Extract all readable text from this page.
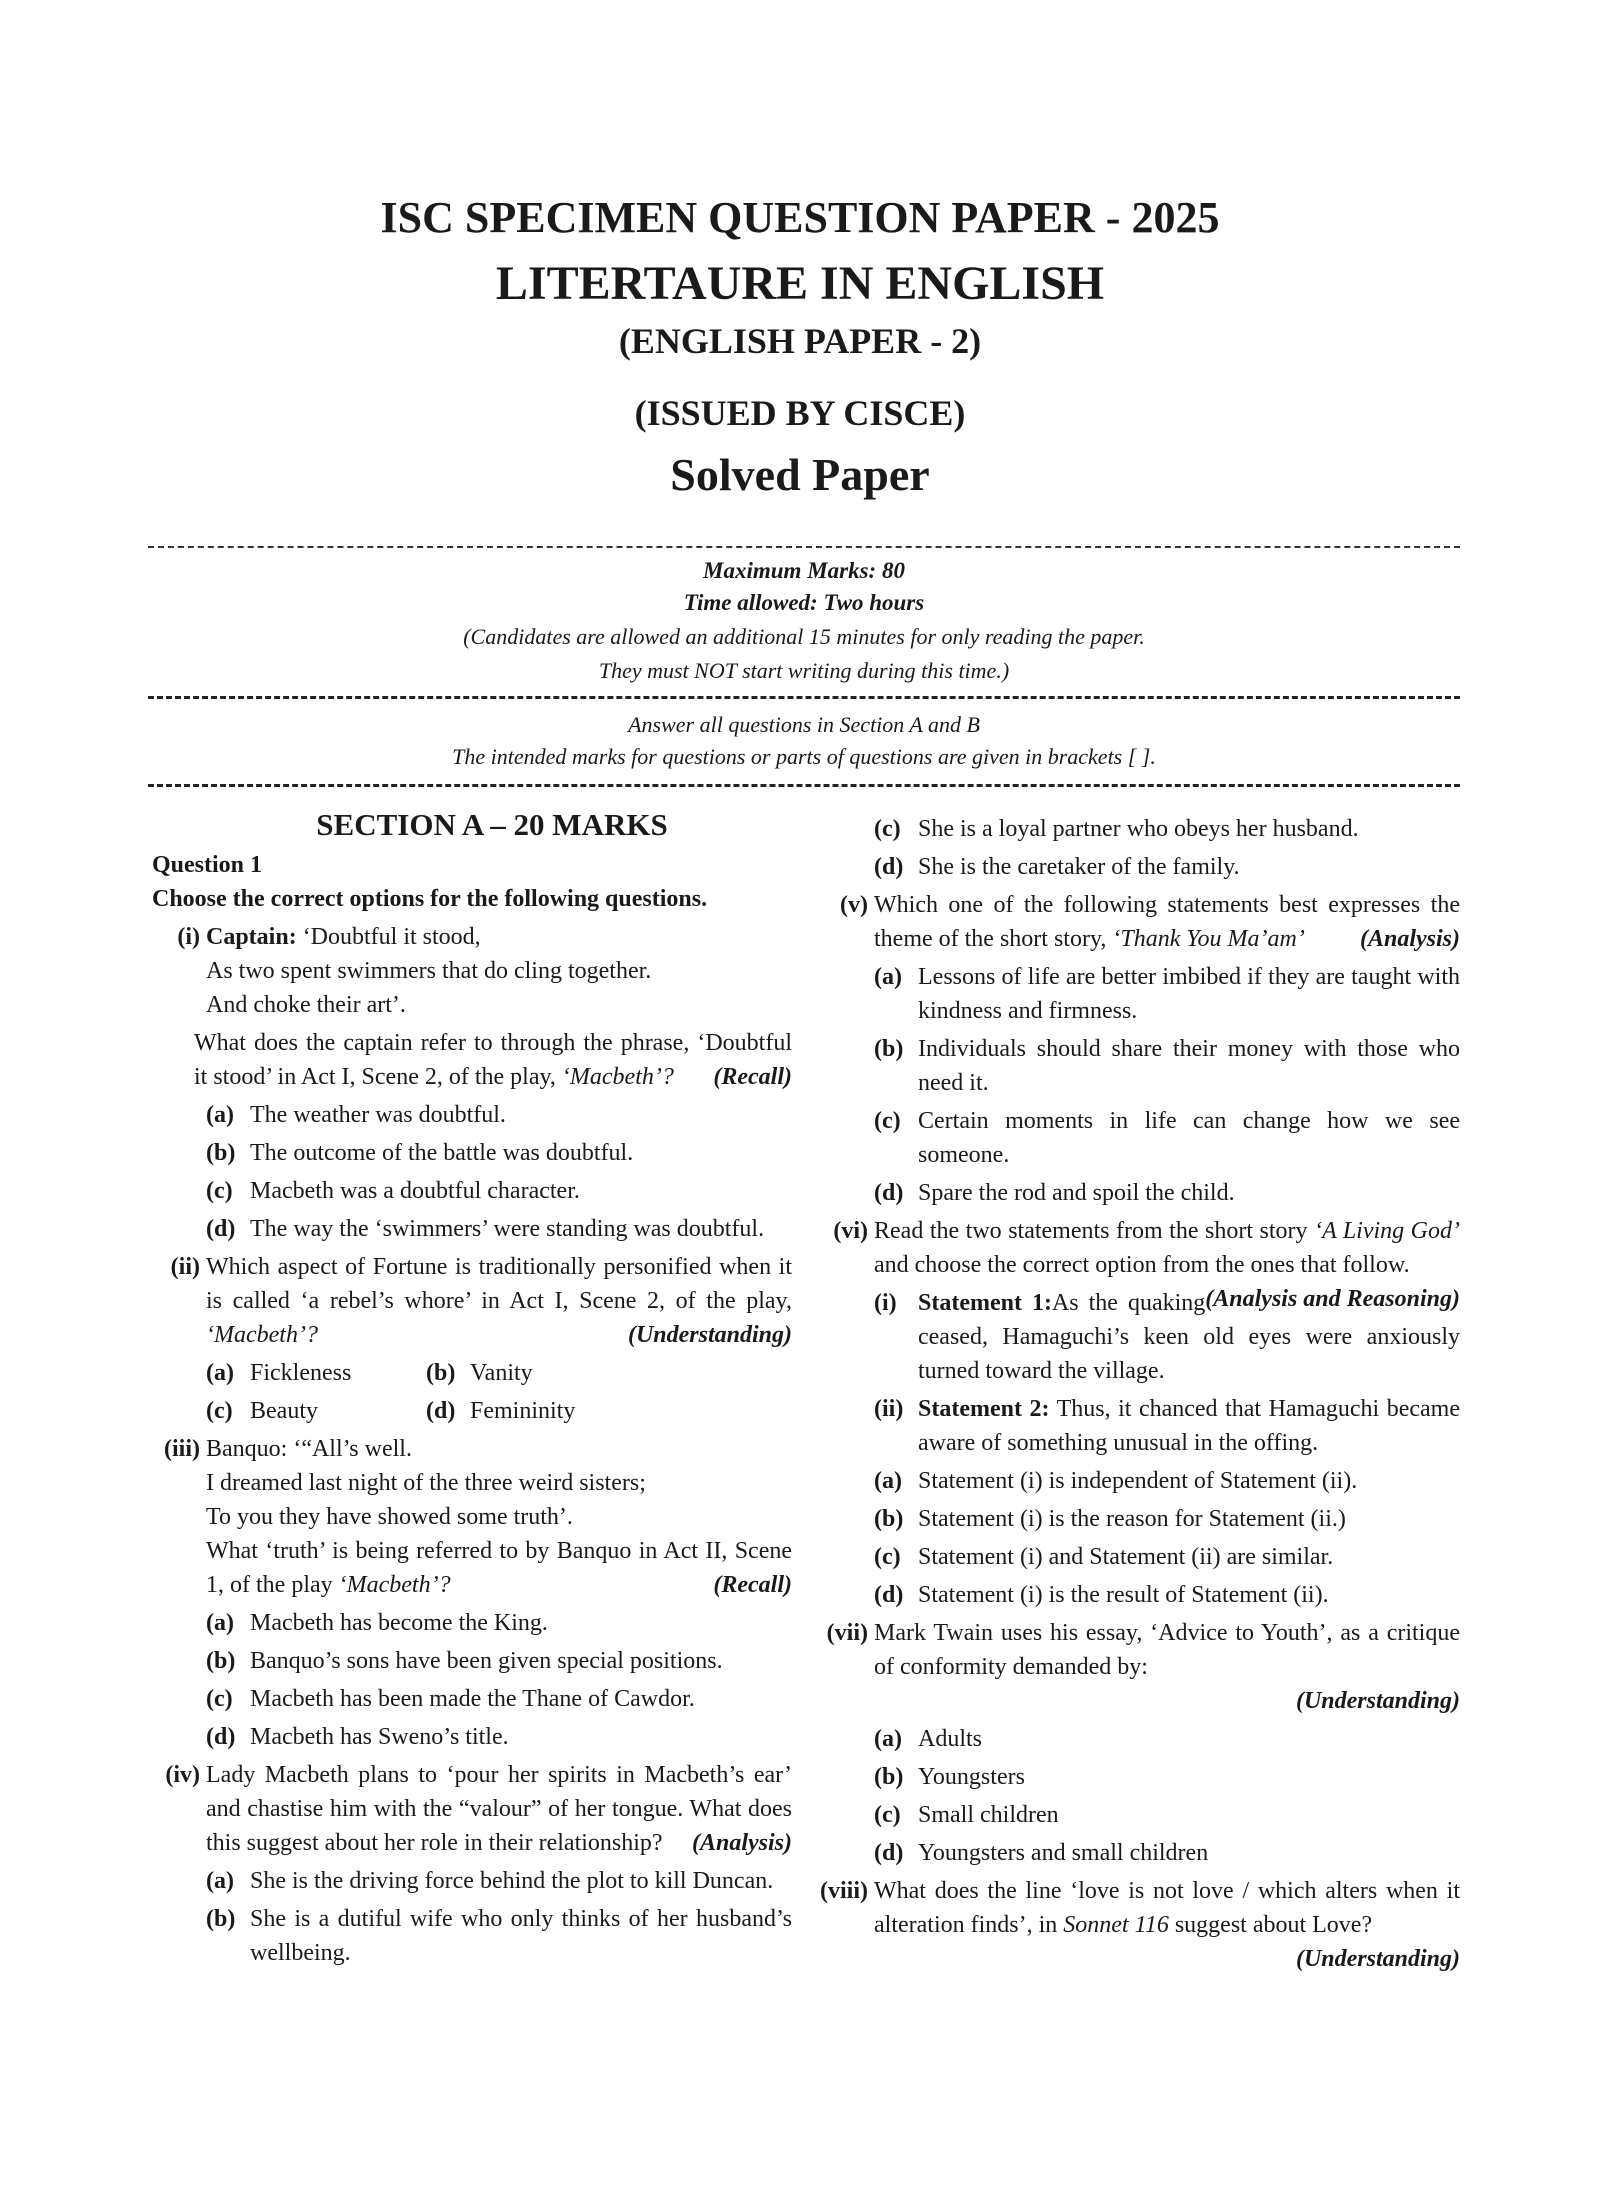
ISC SPECIMEN QUESTION PAPER - 2025
LITERTAURE IN ENGLISH
(ENGLISH PAPER - 2)
(ISSUED BY CISCE)
Solved Paper
Maximum Marks: 80
Time allowed: Two hours
(Candidates are allowed an additional 15 minutes for only reading the paper.
They must NOT start writing during this time.)
Answer all questions in Section A and B
The intended marks for questions or parts of questions are given in brackets [ ].
SECTION A – 20 MARKS

Question 1

Choose the correct options for the following questions.

(i) Captain: ‘Doubtful it stood,
As two spent swimmers that do cling together.
And choke their art’.
What does the captain refer to through the phrase, ‘Doubtful it stood’ in Act I, Scene 2, of the play, ‘Macbeth’? (Recall)
(a) The weather was doubtful.
(b) The outcome of the battle was doubtful.
(c) Macbeth was a doubtful character.
(d) The way the ‘swimmers’ were standing was doubtful.
(ii) Which aspect of Fortune is traditionally personified when it is called ‘a rebel’s whore’ in Act I, Scene 2, of the play, ‘Macbeth’?	(Understanding)
(a) Fickleness	(b) Vanity
(c) Beauty	(d) Femininity
(iii) Banquo: ‘“All’s well.
I dreamed last night of the three weird sisters;
To you they have showed some truth’.
What ‘truth’ is being referred to by Banquo in Act II, Scene 1, of the play ‘Macbeth’?	(Recall)
(a) Macbeth has become the King.
(b) Banquo’s sons have been given special positions.
(c) Macbeth has been made the Thane of Cawdor.
(d) Macbeth has Sweno’s title.
(iv) Lady Macbeth plans to ‘pour her spirits in Macbeth’s ear’ and chastise him with the “valour” of her tongue. What does this suggest about her role in their relationship? (Analysis)
(a) She is the driving force behind the plot to kill Duncan.
(b) She is a dutiful wife who only thinks of her husband’s wellbeing.
(c) She is a loyal partner who obeys her husband.
(d) She is the caretaker of the family.
(v) Which one of the following statements best expresses the theme of the short story, ‘Thank You Ma’am’ (Analysis)
(a) Lessons of life are better imbibed if they are taught with kindness and firmness.
(b) Individuals should share their money with those who need it.
(c) Certain moments in life can change how we see someone.
(d) Spare the rod and spoil the child.
(vi) Read the two statements from the short story ‘A Living God’ and choose the correct option from the ones that follow.
(Analysis and Reasoning)
(i) Statement 1:As the quaking ceased, Hamaguchi’s keen old eyes were anxiously turned toward the village.
(ii) Statement 2: Thus, it chanced that Hamaguchi became aware of something unusual in the offing.
(a) Statement (i) is independent of Statement (ii).
(b) Statement (i) is the reason for Statement (ii.)
(c) Statement (i) and Statement (ii) are similar.
(d) Statement (i) is the result of Statement (ii).
(vii) Mark Twain uses his essay, ‘Advice to Youth’, as a critique of conformity demanded by:
(Understanding)
(a) Adults
(b) Youngsters
(c) Small children
(d) Youngsters and small children
(viii) What does the line ‘love is not love / which alters when it alteration finds’, in Sonnet 116 suggest about Love?
(Understanding)
